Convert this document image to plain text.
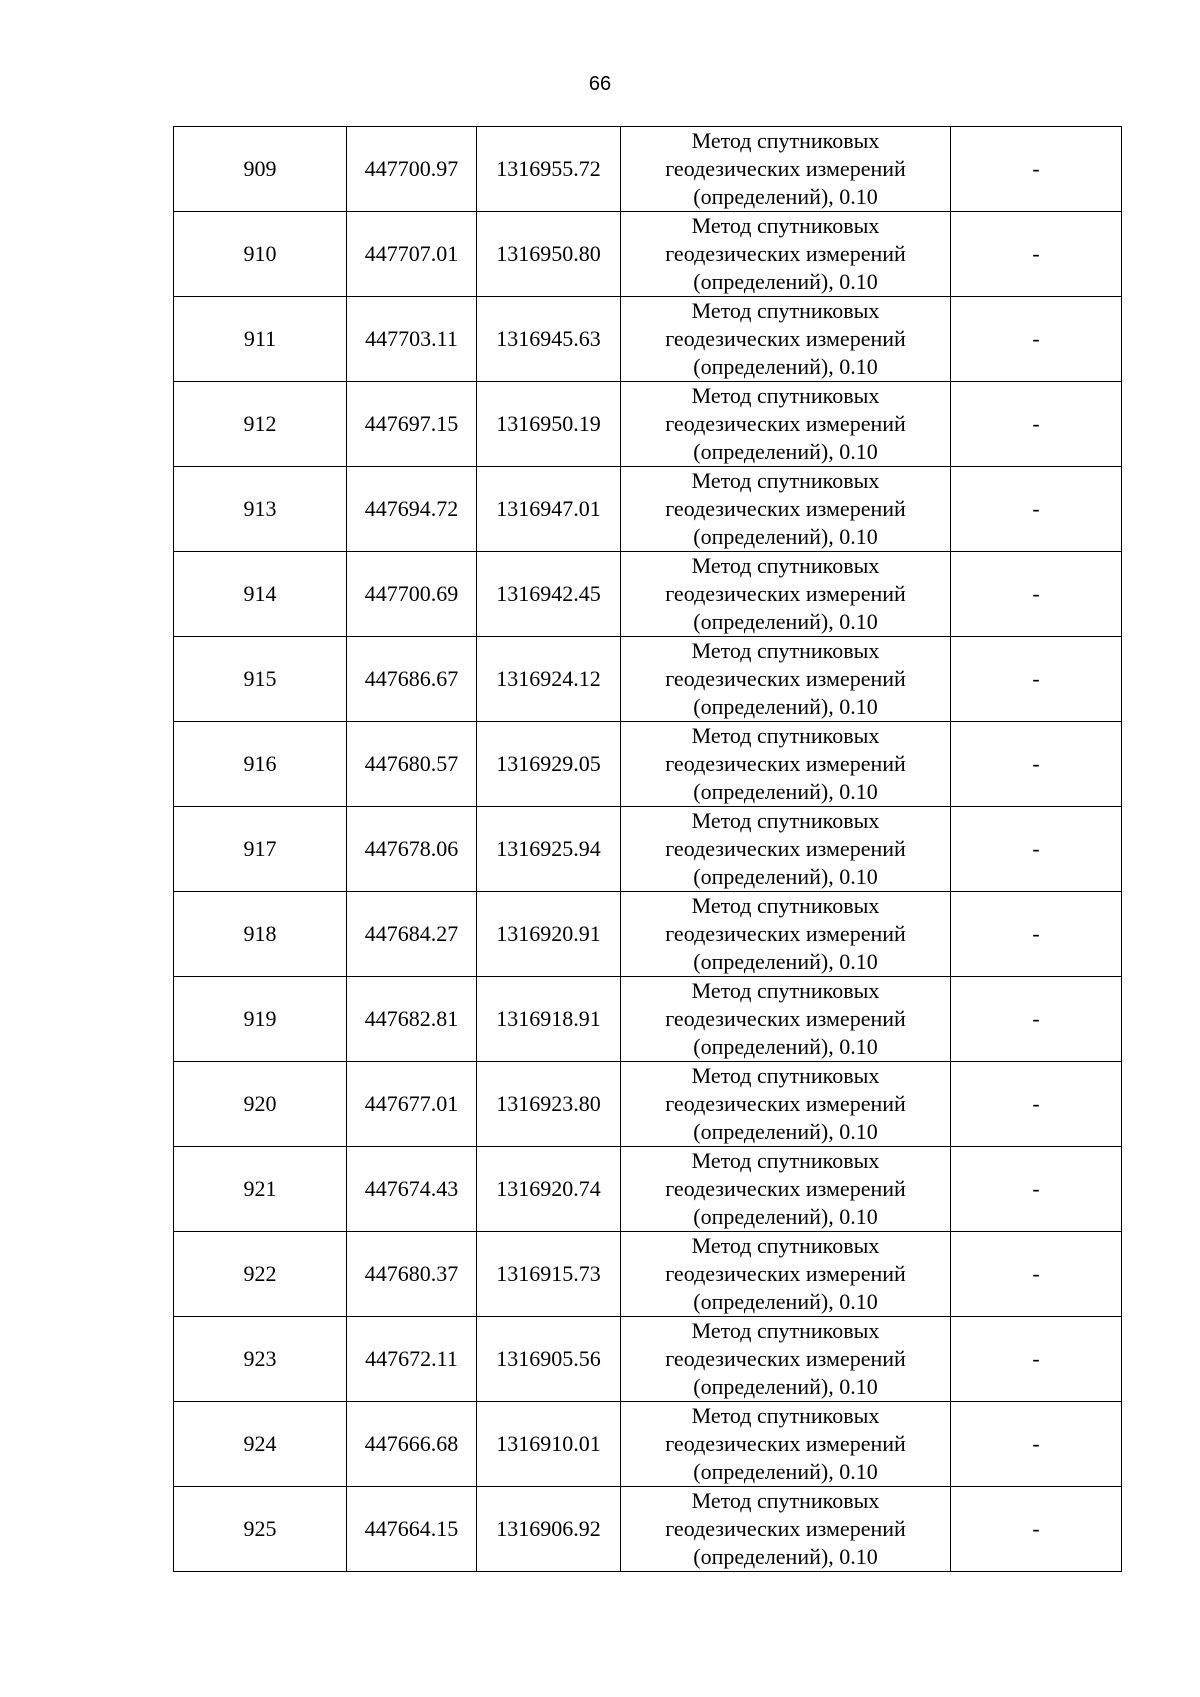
66
909	447700.97	1316955.72	Метод спутниковых
геодезических измерений
(определений), 0.10	-
910	447707.01	1316950.80	Метод спутниковых
геодезических измерений
(определений), 0.10	-
911	447703.11	1316945.63	Метод спутниковых
геодезических измерений
(определений), 0.10	-
912	447697.15	1316950.19	Метод спутниковых
геодезических измерений
(определений), 0.10	-
913	447694.72	1316947.01	Метод спутниковых
геодезических измерений
(определений), 0.10	-
914	447700.69	1316942.45	Метод спутниковых
геодезических измерений
(определений), 0.10	-
915	447686.67	1316924.12	Метод спутниковых
геодезических измерений
(определений), 0.10	-
916	447680.57	1316929.05	Метод спутниковых
геодезических измерений
(определений), 0.10	-
917	447678.06	1316925.94	Метод спутниковых
геодезических измерений
(определений), 0.10	-
918	447684.27	1316920.91	Метод спутниковых
геодезических измерений
(определений), 0.10	-
919	447682.81	1316918.91	Метод спутниковых
геодезических измерений
(определений), 0.10	-
920	447677.01	1316923.80	Метод спутниковых
геодезических измерений
(определений), 0.10	-
921	447674.43	1316920.74	Метод спутниковых
геодезических измерений
(определений), 0.10	-
922	447680.37	1316915.73	Метод спутниковых
геодезических измерений
(определений), 0.10	-
923	447672.11	1316905.56	Метод спутниковых
геодезических измерений
(определений), 0.10	-
924	447666.68	1316910.01	Метод спутниковых
геодезических измерений
(определений), 0.10	-
925	447664.15	1316906.92	Метод спутниковых
геодезических измерений
(определений), 0.10	-
